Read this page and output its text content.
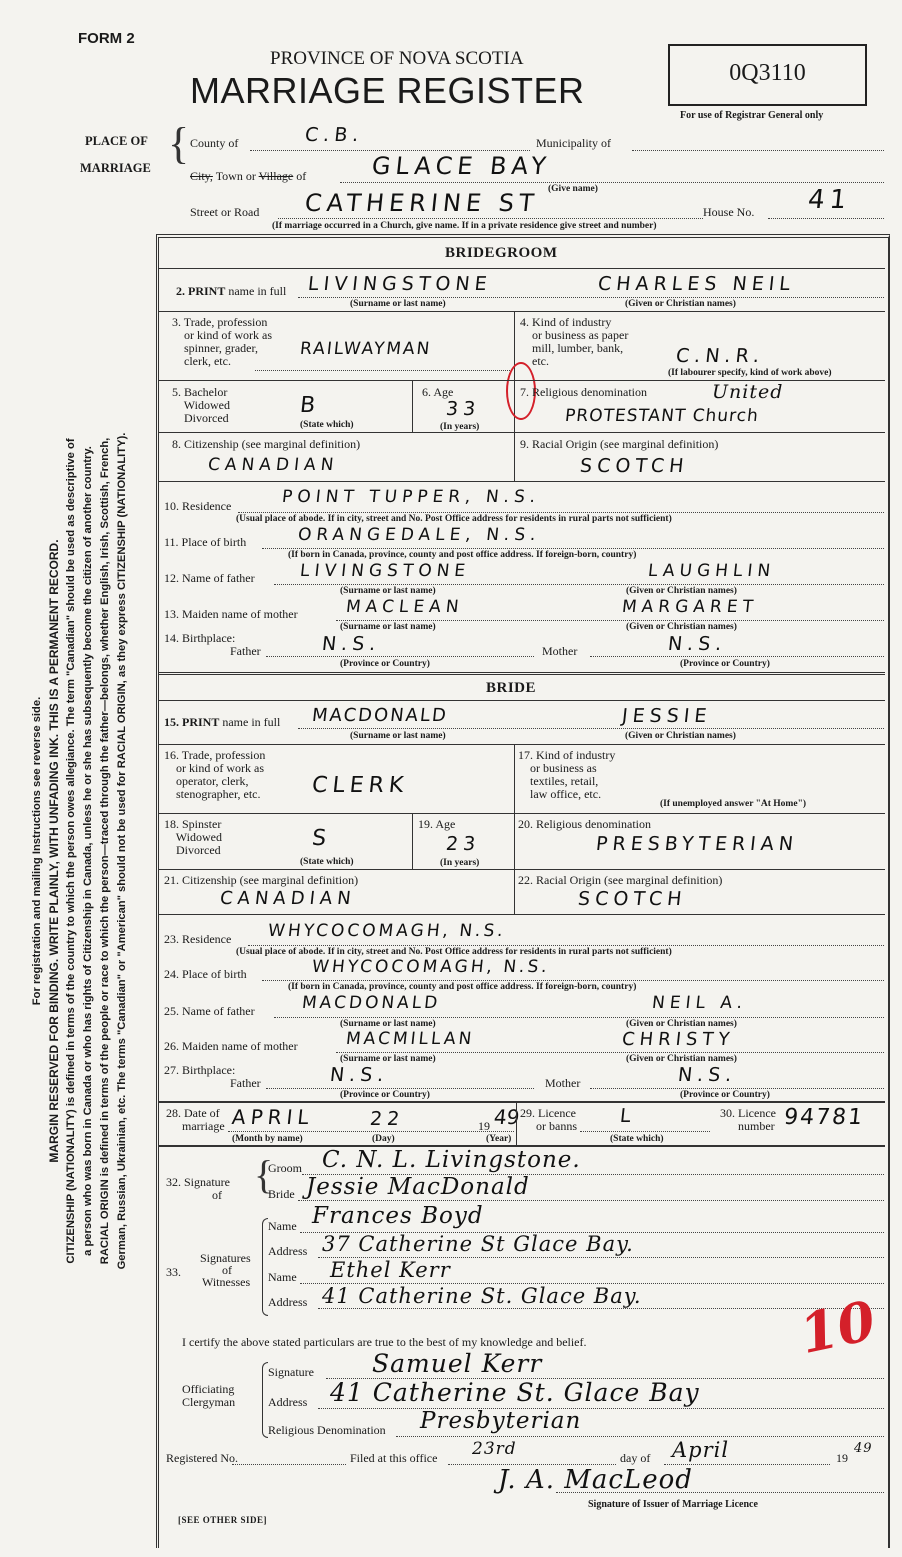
FORM 2
PROVINCE OF NOVA SCOTIA
MARRIAGE REGISTER	0Q3110
For use of Registrar General only
PLACE OF
MARRIAGE { County of	C.B.	Municipality of
City, Town or Village of	GLACE BAY
(Give name)
Street or Road CATHERINE ST	House No. 41
(If marriage occurred in a Church, give name. If in a private residence give street and number)
For registration and mailing Instructions see reverse side. MARGIN RESERVED FOR BINDING. WRITE PLAINLY, WITH UNFADING INK. THIS IS A PERMANENT RECORD. CITIZENSHIP (NATIONALITY) is defined in terms of the country to which the person owes allegiance. The term "Canadian" should be used as descriptive of a person who was born in Canada or who has rights of Citizenship in Canada, unless he or she has subsequently become the citizen of another country. RACIAL ORIGIN is defined in terms of the people or race to which the person—traced through the father—belongs, whether English, Irish, Scottish, French, German, Russian, Ukrainian, etc. The terms "Canadian" or "American" should not be used for RACIAL ORIGIN, as they express CITIZENSHIP (NATIONALITY).
BRIDEGROOM
2. PRINT name in full LIVINGSTONE	CHARLES NEIL
(Surname or last name)	(Given or Christian names)
3. Trade, profession
or kind of work as
spinner, grader,
clerk, etc.
RAILWAYMAN
4. Kind of industry
or business as paper
mill, lumber, bank,
etc.	C.N.R.
(If labourer specify, kind of work above)
5. Bachelor
Widowed
Divorced	B
(State which)
6. Age
33
(In years)
7. Religious denomination	United
PROTESTANT Church
8. Citizenship (see marginal definition)
CANADIAN
9. Racial Origin (see marginal definition)
SCOTCH
10. Residence	POINT TUPPER, N.S.
(Usual place of abode. If in city, street and No. Post Office address for residents in rural parts not sufficient)
11. Place of birth	ORANGEDALE, N.S.
(If born in Canada, province, county and post office address. If foreign-born, country)
12. Name of father	LIVINGSTONE	LAUGHLIN
(Surname or last name)	(Given or Christian names)
13. Maiden name of mother	MACLEAN	MARGARET
(Surname or last name)	(Given or Christian names)
14. Birthplace:
Father	N.S.
(Province or Country)
Mother	N.S.
(Province or Country)
BRIDE
15. PRINT name in full MACDONALD	JESSIE
(Surname or last name)	(Given or Christian names)
16. Trade, profession
or kind of work as
operator, clerk,
stenographer, etc. CLERK
17. Kind of industry
or business as
textiles, retail,
law office, etc.
(If unemployed answer "At Home")
18. Spinster
Widowed
Divorced	S
(State which)
19. Age
23
(In years)
20. Religious denomination
PRESBYTERIAN
21. Citizenship (see marginal definition)
CANADIAN
22. Racial Origin (see marginal definition)
SCOTCH
23. Residence WHYCOCOMAGH, N.S.
(Usual place of abode. If in city, street and No. Post Office address for residents in rural parts not sufficient)
24. Place of birth	WHYCOCOMAGH, N.S.
(If born in Canada, province, county and post office address. If foreign-born, country)
25. Name of father	MACDONALD	NEIL A.
(Surname or last name)	(Given or Christian names)
26. Maiden name of mother	MACMILLAN	CHRISTY
(Surname or last name)	(Given or Christian names)
27. Birthplace:
Father	N.S.
(Province or Country)
Mother	N.S.
(Province or Country)
28. Date of
marriage APRIL	22	19 49
(Month by name)	(Day)	(Year)
29. Licence
or banns L
(State which)
30. Licence
number 94781
32. Signature
of {
Groom C. N. L. Livingstone.
Bride Jessie MacDonald
33.
Signatures
of
Witnesses
Name Frances Boyd
Address 37 Catherine St Glace Bay.
Name Ethel Kerr
Address 41 Catherine St. Glace Bay.
I certify the above stated particulars are true to the best of my knowledge and belief.
Officiating
Clergyman
Signature Samuel Kerr
Address 41 Catherine St. Glace Bay
Religious Denomination Presbyterian
10
Registered No.	Filed at this office 23rd	day of April	19
49
J. A. MacLeod
Signature of Issuer of Marriage Licence
[SEE OTHER SIDE]
